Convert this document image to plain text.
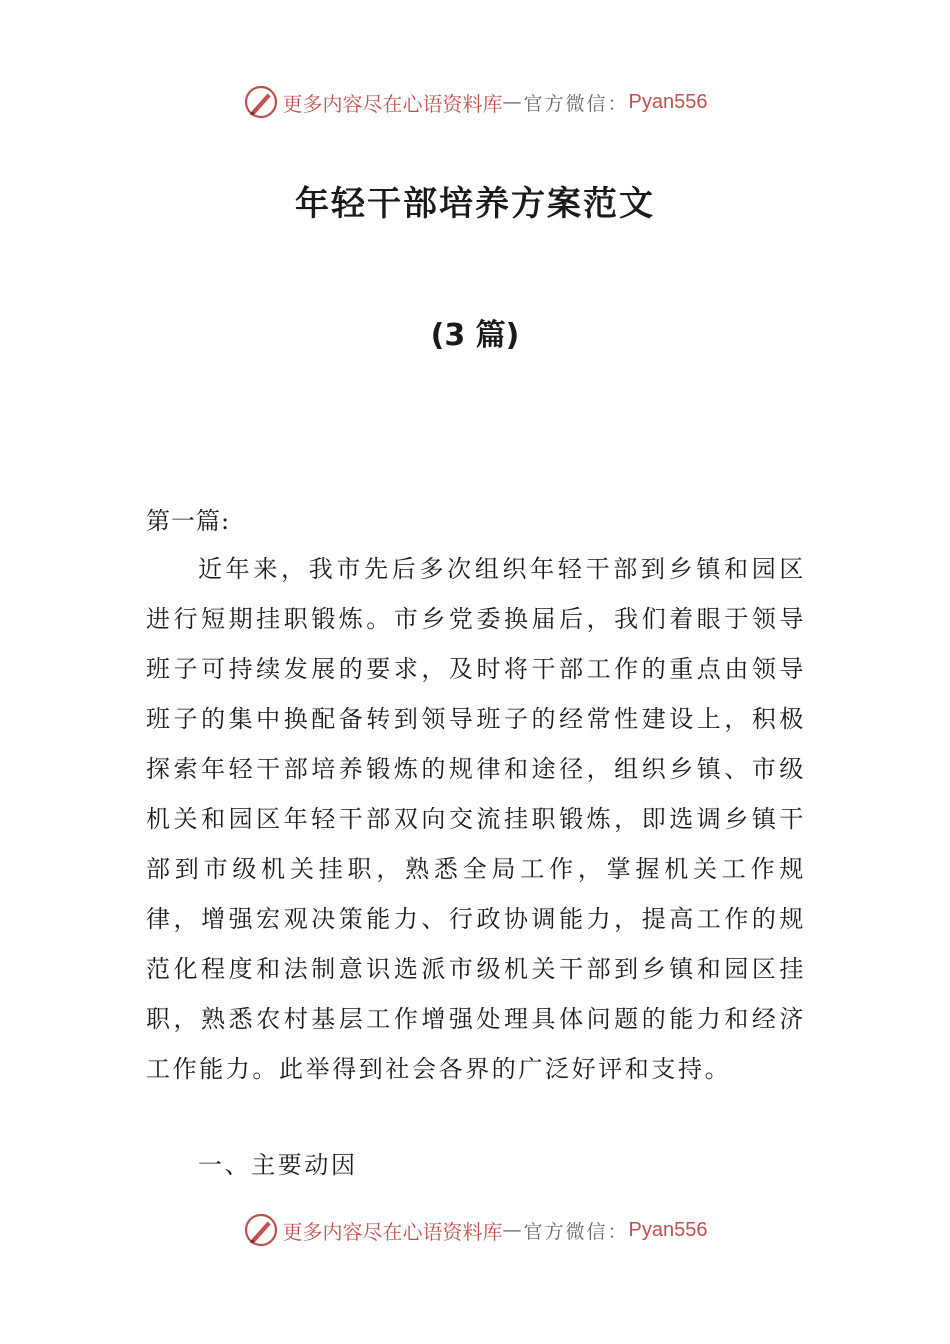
更多内容尽在心语资料库 — 官方微信： Pyan556
年轻干部培养方案范文
(3 篇)

第一篇:

近年来，我市先后多次组织年轻干部到乡镇和园区进行短期挂职锻炼。市乡党委换届后，我们着眼于领导班子可持续发展的要求，及时将干部工作的重点由领导班子的集中换配备转到领导班子的经常性建设上，积极探索年轻干部培养锻炼的规律和途径，组织乡镇、市级机关和园区年轻干部双向交流挂职锻炼，即选调乡镇干部到市级机关挂职，熟悉全局工作，掌握机关工作规律，增强宏观决策能力、行政协调能力，提高工作的规范化程度和法制意识选派市级机关干部到乡镇和园区挂职，熟悉农村基层工作增强处理具体问题的能力和经济工作能力。此举得到社会各界的广泛好评和支持。

一、主要动因

更多内容尽在心语资料库 — 官方微信： Pyan556
